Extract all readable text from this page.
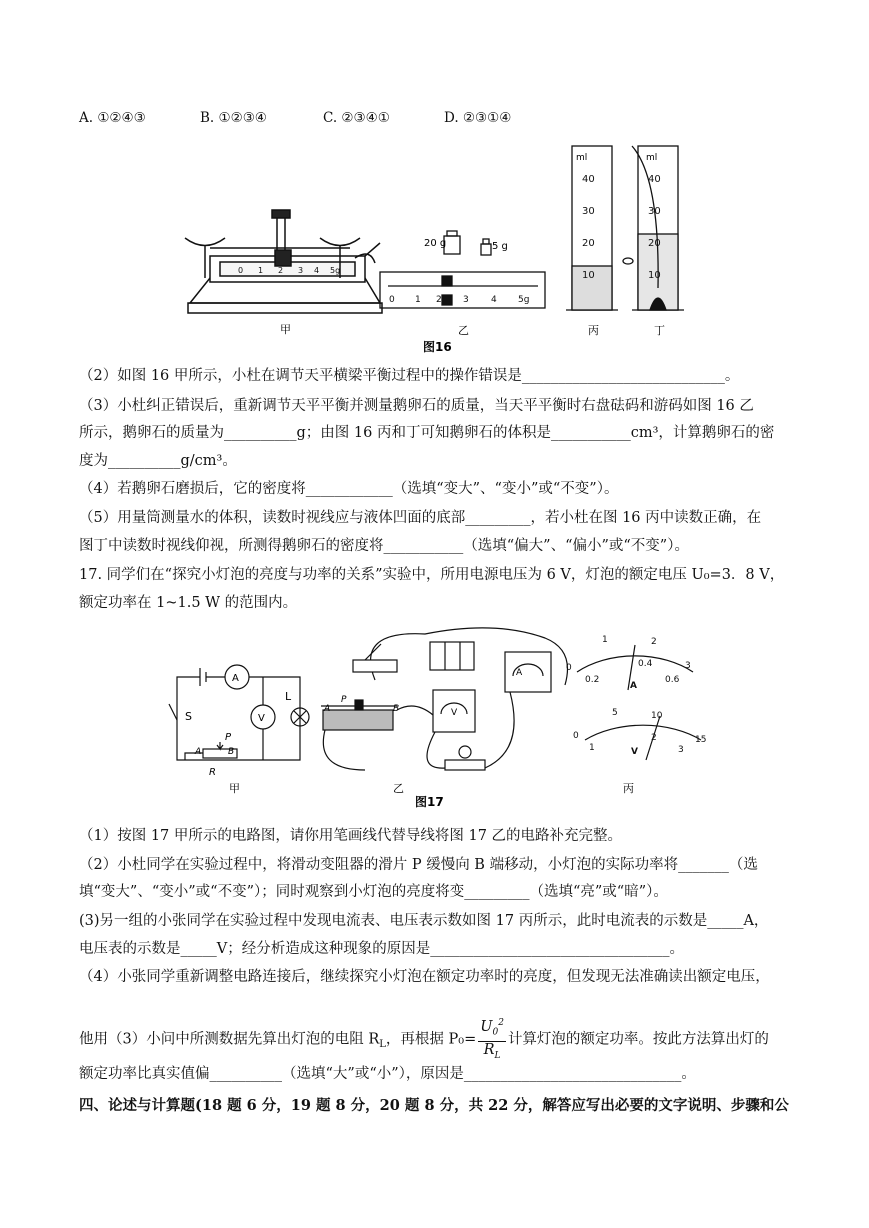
A. ①②④③	B. ①②③④	C. ②③④①	D. ②③①④
0 1 2 3 4 5g
甲
20 g	5 g
0 1 2 3 4 5g
乙
ml	ml
40
30
20
10
40
30
20
10
丙	丁
图16
（2）如图 16 甲所示，小杜在调节天平横梁平衡过程中的操作错误是____________________________。
（3）小杜纠正错误后，重新调节天平平衡并测量鹅卵石的质量，当天平平衡时右盘砝码和游码如图 16 乙
所示，鹅卵石的质量为__________g；由图 16 丙和丁可知鹅卵石的体积是___________cm³，计算鹅卵石的密
度为__________g/cm³。
（4）若鹅卵石磨损后，它的密度将____________（选填“变大”、“变小”或“不变”）。
（5）用量筒测量水的体积，读数时视线应与液体凹面的底部_________，若小杜在图 16 丙中读数正确，在
图丁中读数时视线仰视，所测得鹅卵石的密度将___________（选填“偏大”、“偏小”或“不变”）。
17. 同学们在“探究小灯泡的亮度与功率的关系”实验中，所用电源电压为 6 V，灯泡的额定电压 U₀=3．8 V，
额定功率在 1~1.5 W 的范围内。
A
V
L
S
P
A	B
R
甲
A	B
P
A
V
乙
图17
0
1	2
3
0.2
0.4
0.6
A
0
5	10
15
1
2
3
V
丙
（1）按图 17 甲所示的电路图，请你用笔画线代替导线将图 17 乙的电路补充完整。
（2）小杜同学在实验过程中，将滑动变阻器的滑片 P 缓慢向 B 端移动，小灯泡的实际功率将_______（选
填“变大”、“变小”或“不变”）；同时观察到小灯泡的亮度将变_________（选填“亮”或“暗”）。
(3)另一组的小张同学在实验过程中发现电流表、电压表示数如图 17 丙所示，此时电流表的示数是_____A，
电压表的示数是_____V；经分析造成这种现象的原因是_________________________________。
（4）小张同学重新调整电路连接后，继续探究小灯泡在额定功率时的亮度，但发现无法准确读出额定电压，
他用（3）小问中所测数据先算出灯泡的电阻 $R_L$，再根据 $P_0= \frac{U_0^2}{R_L}$ 计算灯泡的额定功率。按此方法算出灯的
额定功率比真实值偏__________（选填“大”或“小”），原因是______________________________。
四、论述与计算题(18 题 6 分，19 题 8 分，20 题 8 分，共 22 分，解答应写出必要的文字说明、步骤和公
